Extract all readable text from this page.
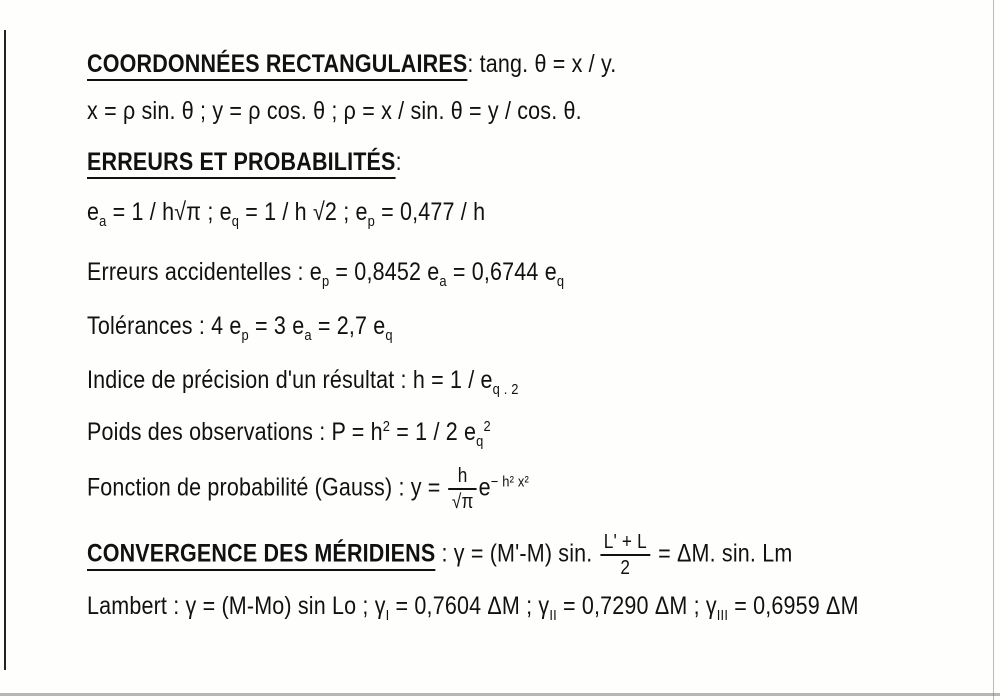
COORDONNÉES RECTANGULAIRES: tang. θ = x / y.
x = ρ sin. θ ; y = ρ cos. θ ; ρ = x / sin. θ = y / cos. θ.
ERREURS ET PROBABILITÉS:
$e_a = 1 / h√\pi$ ; $e_q = 1 / h$ √2 ; $e_p = 0,477 / h$
Erreurs accidentelles : $e_p = 0,8452$ $e_a = 0,6744$ $e_q$
Tolérances : 4 $e_p = 3$ $e_a = 2,7$ $e_q$
Indice de précision d'un résultat : $h = 1 / e_q$ $_{. 2}$
Poids des observations : $P = h^2 = 1 / 2$ $e_q^2$
Fonction de probabilité (Gauss) : $y = \frac{h}{√\pi} e^{- h^2 x^2}$
CONVERGENCE DES MÉRIDIENS : γ = (M'-M) sin. $\frac{L' + L}{2} = \Delta M$. sin. Lm
Lambert : γ = (M-Mo) sin Lo ; $\gamma_I = 0,7604$ ΔM ; $\gamma_{II} = 0,7290$ ΔM ; $\gamma_{III} = 0,6959$ ΔM
